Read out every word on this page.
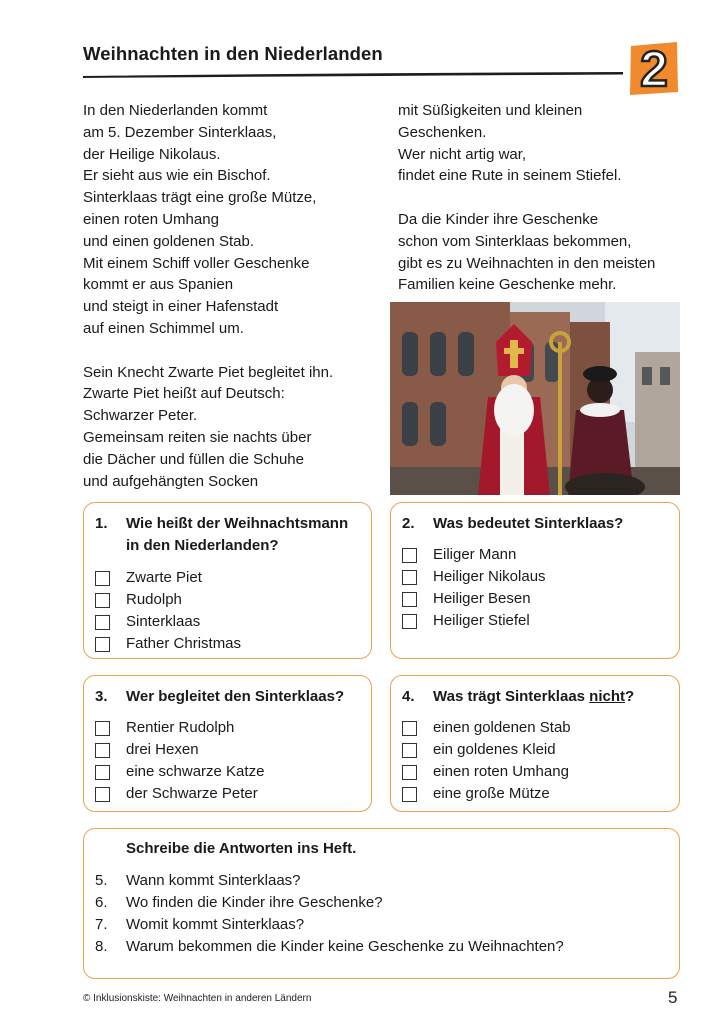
Weihnachten in den Niederlanden	2
In den Niederlanden kommt
am 5. Dezember Sinterklaas,
der Heilige Nikolaus.
Er sieht aus wie ein Bischof.
Sinterklaas trägt eine große Mütze,
einen roten Umhang
und einen goldenen Stab.
Mit einem Schiff voller Geschenke
kommt er aus Spanien
und steigt in einer Hafenstadt
auf einen Schimmel um.
Sein Knecht Zwarte Piet begleitet ihn.
Zwarte Piet heißt auf Deutsch:
Schwarzer Peter.
Gemeinsam reiten sie nachts über
die Dächer und füllen die Schuhe
und aufgehängten Socken
mit Süßigkeiten und kleinen
Geschenken.
Wer nicht artig war,
findet eine Rute in seinem Stiefel.
Da die Kinder ihre Geschenke
schon vom Sinterklaas bekommen,
gibt es zu Weihnachten in den meisten
Familien keine Geschenke mehr.
1. Wie heißt der Weihnachtsmann
in den Niederlanden?
Zwarte Piet
Rudolph
Sinterklaas
Father Christmas
2. Was bedeutet Sinterklaas?
Eiliger Mann
Heiliger Nikolaus
Heiliger Besen
Heiliger Stiefel
3. Wer begleitet den Sinterklaas?
Rentier Rudolph
drei Hexen
eine schwarze Katze
der Schwarze Peter
4. Was trägt Sinterklaas nicht?
einen goldenen Stab
ein goldenes Kleid
einen roten Umhang
eine große Mütze
Schreibe die Antworten ins Heft.
5. Wann kommt Sinterklaas?
6. Wo finden die Kinder ihre Geschenke?
7. Womit kommt Sinterklaas?
8. Warum bekommen die Kinder keine Geschenke zu Weihnachten?
© Inklusionskiste: Weihnachten in anderen Ländern	5
